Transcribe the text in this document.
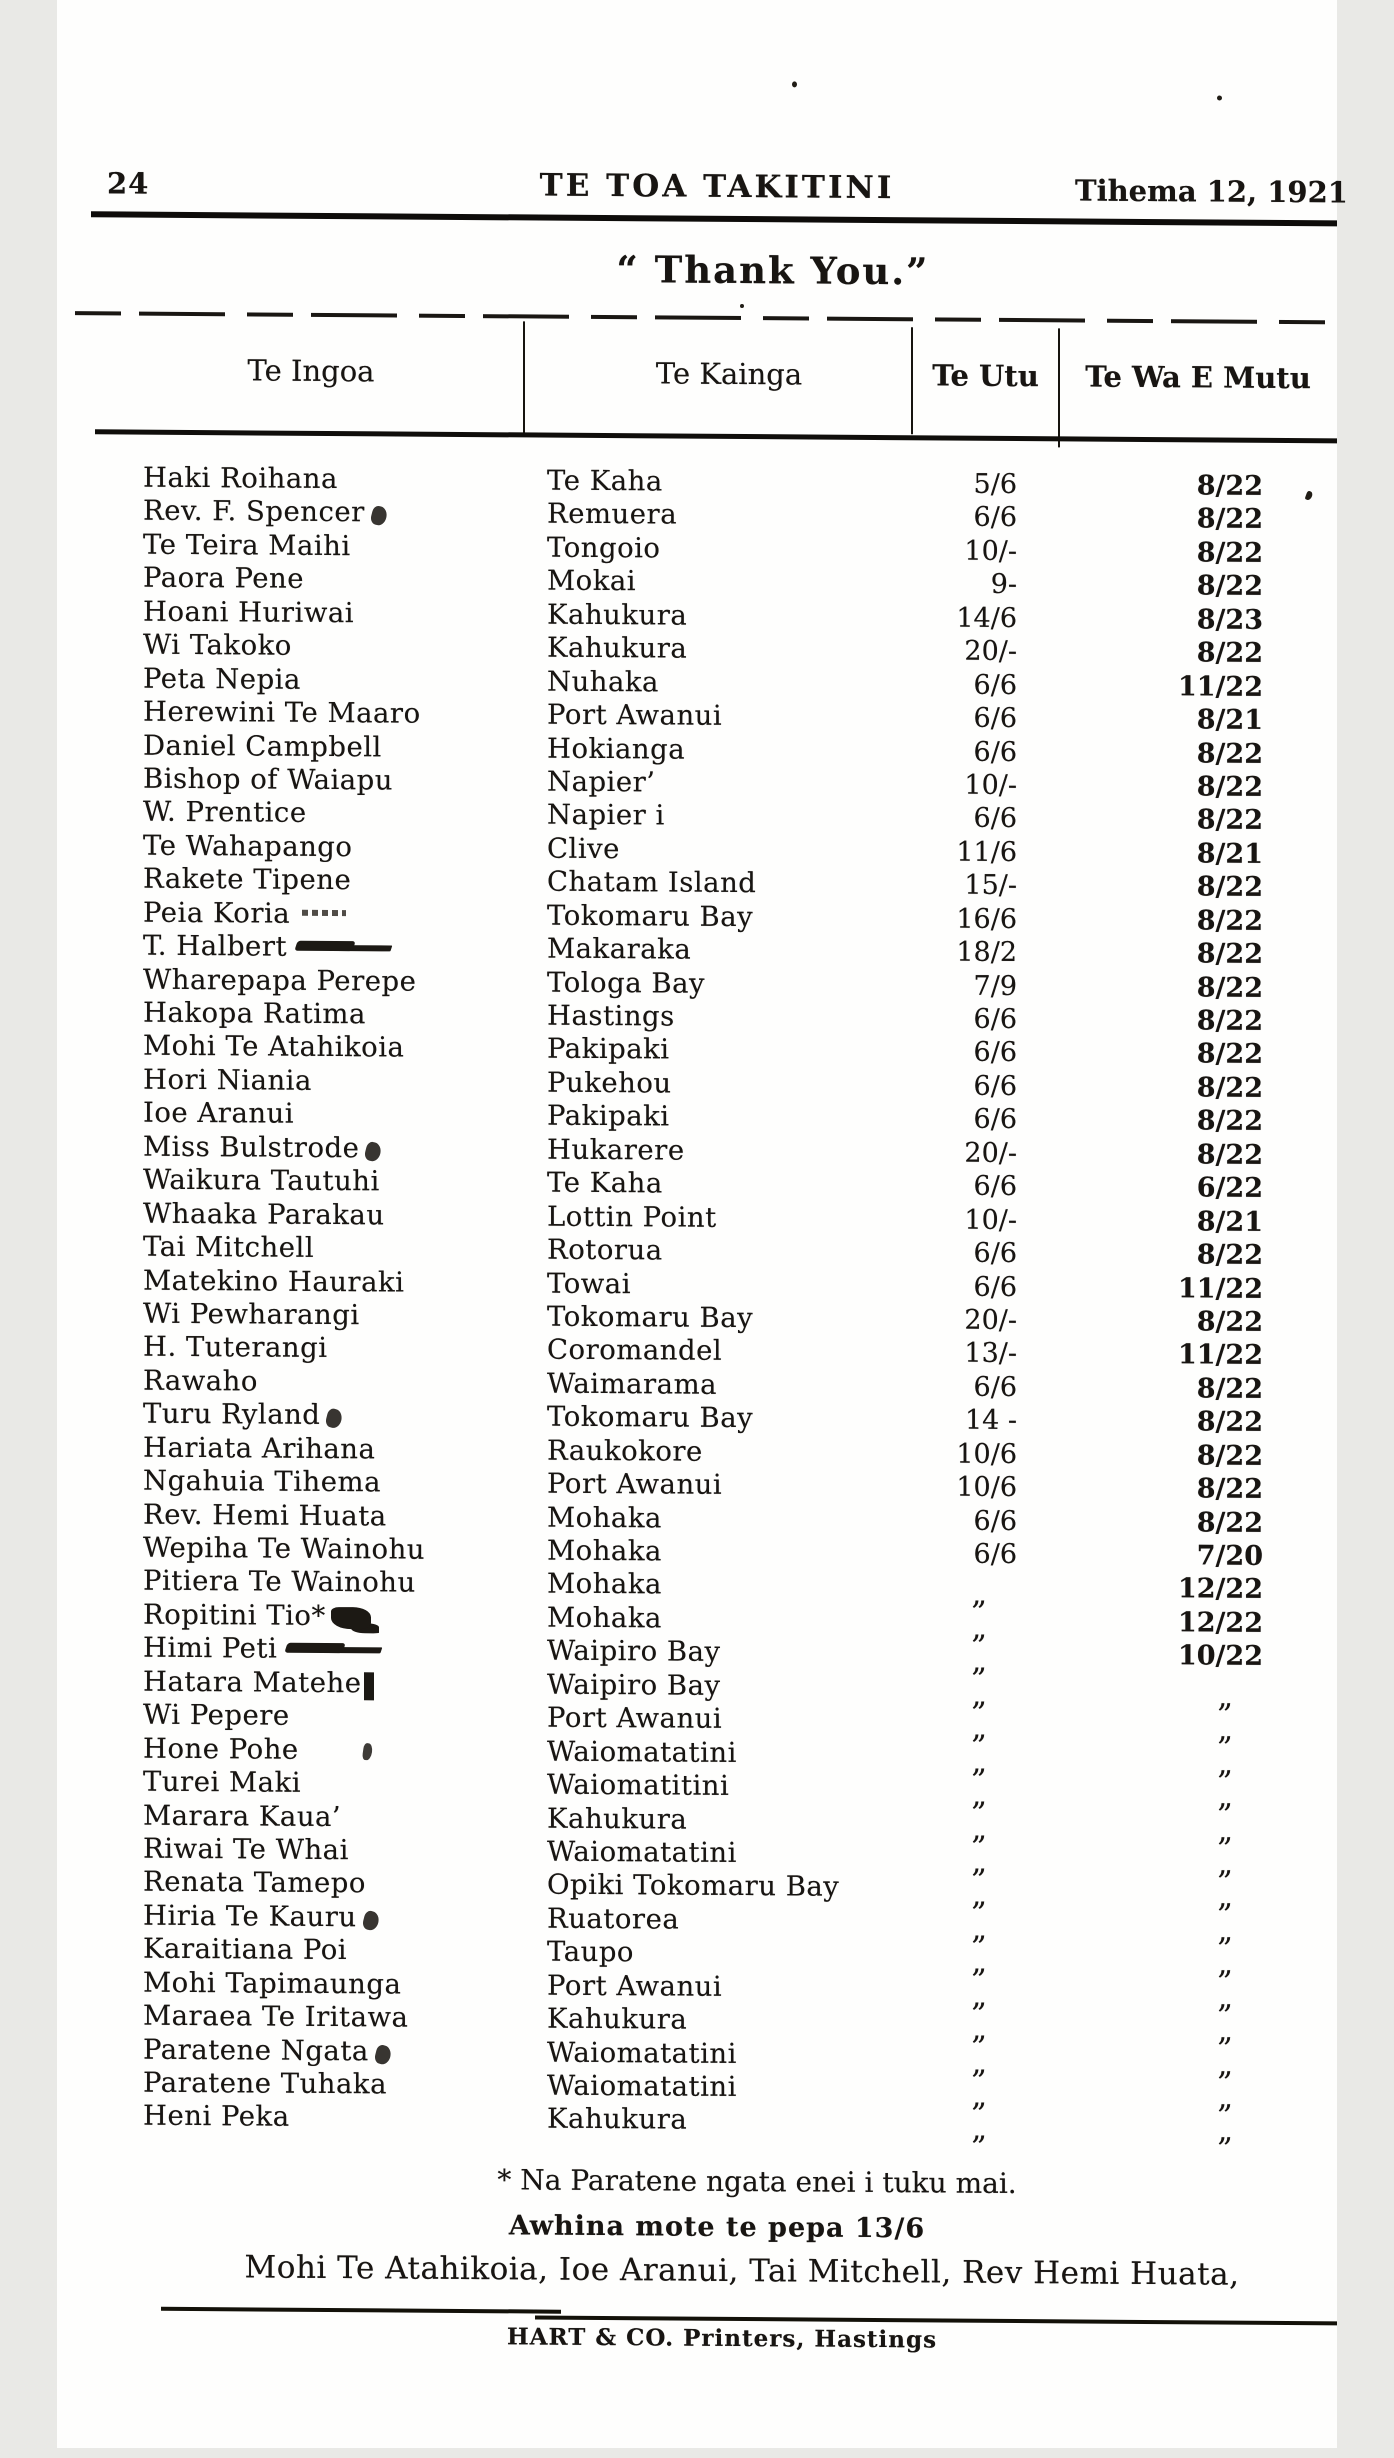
24	TE TOA TAKITINI	Tihema 12, 1921
“ Thank You.”
Te Ingoa	Te Kainga	Te Utu	Te Wa E Mutu
Haki Roihana	Te Kaha	5/6	8/22
Rev. F. Spencer	Remuera	6/6	8/22
Te Teira Maihi	Tongoio	10/-	8/22
Paora Pene	Mokai	9-	8/22
Hoani Huriwai	Kahukura	14/6	8/23
Wi Takoko	Kahukura	20/-	8/22
Peta Nepia	Nuhaka	6/6	11/22
Herewini Te Maaro	Port Awanui	6/6	8/21
Daniel Campbell	Hokianga	6/6	8/22
Bishop of Waiapu	Napier’	10/-	8/22
W. Prentice	Napier i	6/6	8/22
Te Wahapango	Clive	11/6	8/21
Rakete Tipene	Chatam Island	15/-	8/22
Peia Koria	Tokomaru Bay	16/6	8/22
T. Halbert	Makaraka	18/2	8/22
Wharepapa Perepe	Tologa Bay	7/9	8/22
Hakopa Ratima	Hastings	6/6	8/22
Mohi Te Atahikoia	Pakipaki	6/6	8/22
Hori Niania	Pukehou	6/6	8/22
Ioe Aranui	Pakipaki	6/6	8/22
Miss Bulstrode	Hukarere	20/-	8/22
Waikura Tautuhi	Te Kaha	6/6	6/22
Whaaka Parakau	Lottin Point	10/-	8/21
Tai Mitchell	Rotorua	6/6	8/22
Matekino Hauraki	Towai	6/6	11/22
Wi Pewharangi	Tokomaru Bay	20/-	8/22
H. Tuterangi	Coromandel	13/-	11/22
Rawaho	Waimarama	6/6	8/22
Turu Ryland	Tokomaru Bay	14 -	8/22
Hariata Arihana	Raukokore	10/6	8/22
Ngahuia Tihema	Port Awanui	10/6	8/22
Rev. Hemi Huata	Mohaka	6/6	8/22
Wepiha Te Wainohu	Mohaka	6/6	7/20
Pitiera Te Wainohu	Mohaka	„	12/22
Ropitini Tio*	Mohaka	„	12/22
Himi Peti	Waipiro Bay	„	10/22
Hatara Matehe	Waipiro Bay	„	„
Wi Pepere	Port Awanui	„	„
Hone Pohe	Waiomatatini	„	„
Turei Maki	Waiomatitini	„	„
Marara Kaua’	Kahukura	„	„
Riwai Te Whai	Waiomatatini	„	„
Renata Tamepo	Opiki Tokomaru Bay	„	„
Hiria Te Kauru	Ruatorea	„	„
Karaitiana Poi	Taupo	„	„
Mohi Tapimaunga	Port Awanui	„	„
Maraea Te Iritawa	Kahukura	„	„
Paratene Ngata	Waiomatatini	„	„
Paratene Tuhaka	Waiomatatini	„	„
Heni Peka	Kahukura	„	„
* Na Paratene ngata enei i tuku mai.
Awhina mote te pepa 13/6
Mohi Te Atahikoia, Ioe Aranui, Tai Mitchell, Rev Hemi Huata,
HART & CO. Printers, Hastings
